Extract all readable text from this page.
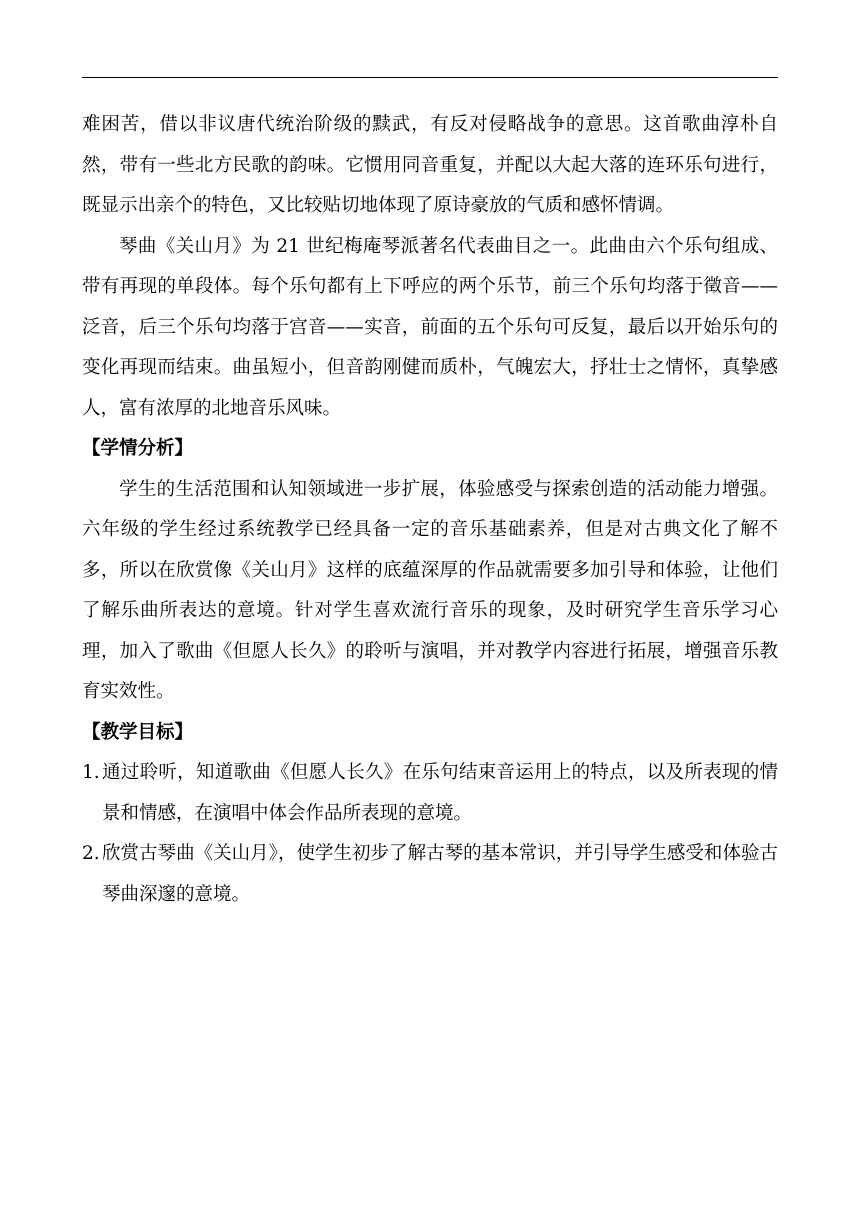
难困苦，借以非议唐代统治阶级的黩武，有反对侵略战争的意思。这首歌曲淳朴自然，带有一些北方民歌的韵味。它惯用同音重复，并配以大起大落的连环乐句进行，既显示出亲个的特色，又比较贴切地体现了原诗豪放的气质和感怀情调。

琴曲《关山月》为 21 世纪梅庵琴派著名代表曲目之一。此曲由六个乐句组成、带有再现的单段体。每个乐句都有上下呼应的两个乐节，前三个乐句均落于徵音——泛音，后三个乐句均落于宫音——实音，前面的五个乐句可反复，最后以开始乐句的变化再现而结束。曲虽短小，但音韵刚健而质朴，气魄宏大，抒壮士之情怀，真挚感人，富有浓厚的北地音乐风味。

【学情分析】

学生的生活范围和认知领域进一步扩展，体验感受与探索创造的活动能力增强。六年级的学生经过系统教学已经具备一定的音乐基础素养，但是对古典文化了解不多，所以在欣赏像《关山月》这样的底蕴深厚的作品就需要多加引导和体验，让他们了解乐曲所表达的意境。针对学生喜欢流行音乐的现象，及时研究学生音乐学习心理，加入了歌曲《但愿人长久》的聆听与演唱，并对教学内容进行拓展，增强音乐教育实效性。

【教学目标】
1. 通过聆听，知道歌曲《但愿人长久》在乐句结束音运用上的特点，以及所表现的情景和情感，在演唱中体会作品所表现的意境。
2. 欣赏古琴曲《关山月》，使学生初步了解古琴的基本常识，并引导学生感受和体验古琴曲深邃的意境。
